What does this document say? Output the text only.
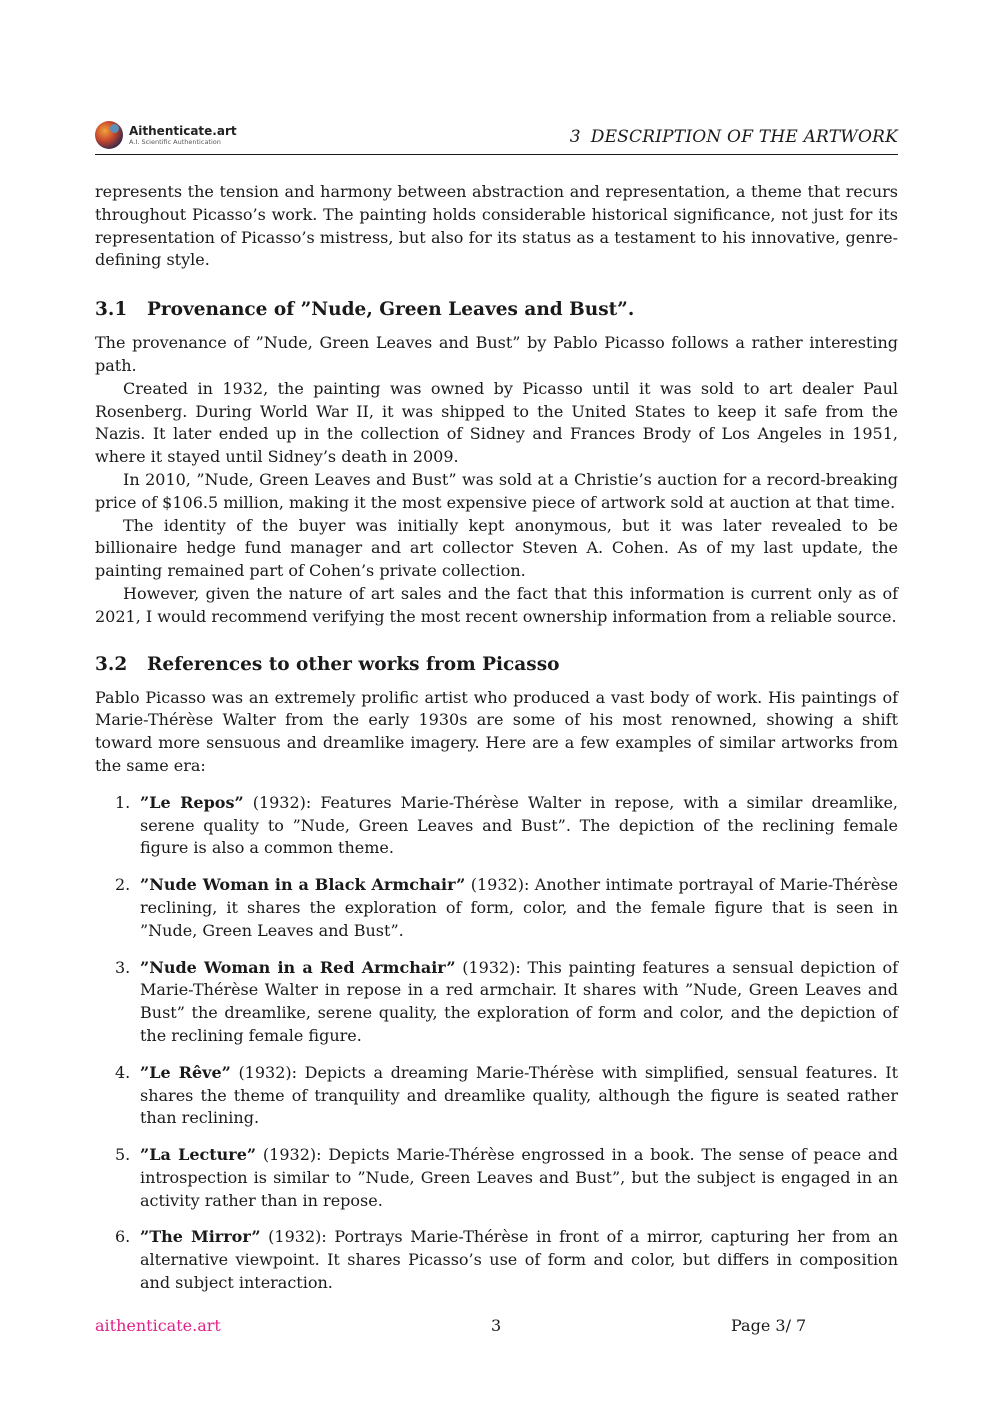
Aithenticate.art
A.I. Scientific Authentication	3 DESCRIPTION OF THE ARTWORK

represents the tension and harmony between abstraction and representation, a theme that recurs throughout Picasso’s work. The painting holds considerable historical significance, not just for its representation of Picasso’s mistress, but also for its status as a testament to his innovative, genre-defining style.

3.1 Provenance of ”Nude, Green Leaves and Bust”.

The provenance of ”Nude, Green Leaves and Bust” by Pablo Picasso follows a rather interesting path.

Created in 1932, the painting was owned by Picasso until it was sold to art dealer Paul Rosenberg. During World War II, it was shipped to the United States to keep it safe from the Nazis. It later ended up in the collection of Sidney and Frances Brody of Los Angeles in 1951, where it stayed until Sidney’s death in 2009.

In 2010, ”Nude, Green Leaves and Bust” was sold at a Christie’s auction for a record-breaking price of $106.5 million, making it the most expensive piece of artwork sold at auction at that time.

The identity of the buyer was initially kept anonymous, but it was later revealed to be billionaire hedge fund manager and art collector Steven A. Cohen. As of my last update, the painting remained part of Cohen’s private collection.

However, given the nature of art sales and the fact that this information is current only as of 2021, I would recommend verifying the most recent ownership information from a reliable source.

3.2 References to other works from Picasso

Pablo Picasso was an extremely prolific artist who produced a vast body of work. His paintings of Marie-Thérèse Walter from the early 1930s are some of his most renowned, showing a shift toward more sensuous and dreamlike imagery. Here are a few examples of similar artworks from the same era:

1. ”Le Repos” (1932): Features Marie-Thérèse Walter in repose, with a similar dreamlike, serene quality to ”Nude, Green Leaves and Bust”. The depiction of the reclining female figure is also a common theme.
2. ”Nude Woman in a Black Armchair” (1932): Another intimate portrayal of Marie-Thérèse reclining, it shares the exploration of form, color, and the female figure that is seen in ”Nude, Green Leaves and Bust”.
3. ”Nude Woman in a Red Armchair” (1932): This painting features a sensual depiction of Marie-Thérèse Walter in repose in a red armchair. It shares with ”Nude, Green Leaves and Bust” the dreamlike, serene quality, the exploration of form and color, and the depiction of the reclining female figure.
4. ”Le Rêve” (1932): Depicts a dreaming Marie-Thérèse with simplified, sensual features. It shares the theme of tranquility and dreamlike quality, although the figure is seated rather than reclining.
5. ”La Lecture” (1932): Depicts Marie-Thérèse engrossed in a book. The sense of peace and introspection is similar to ”Nude, Green Leaves and Bust”, but the subject is engaged in an activity rather than in repose.
6. ”The Mirror” (1932): Portrays Marie-Thérèse in front of a mirror, capturing her from an alternative viewpoint. It shares Picasso’s use of form and color, but differs in composition and subject interaction.
aithenticate.art	3	Page 3/ 7
